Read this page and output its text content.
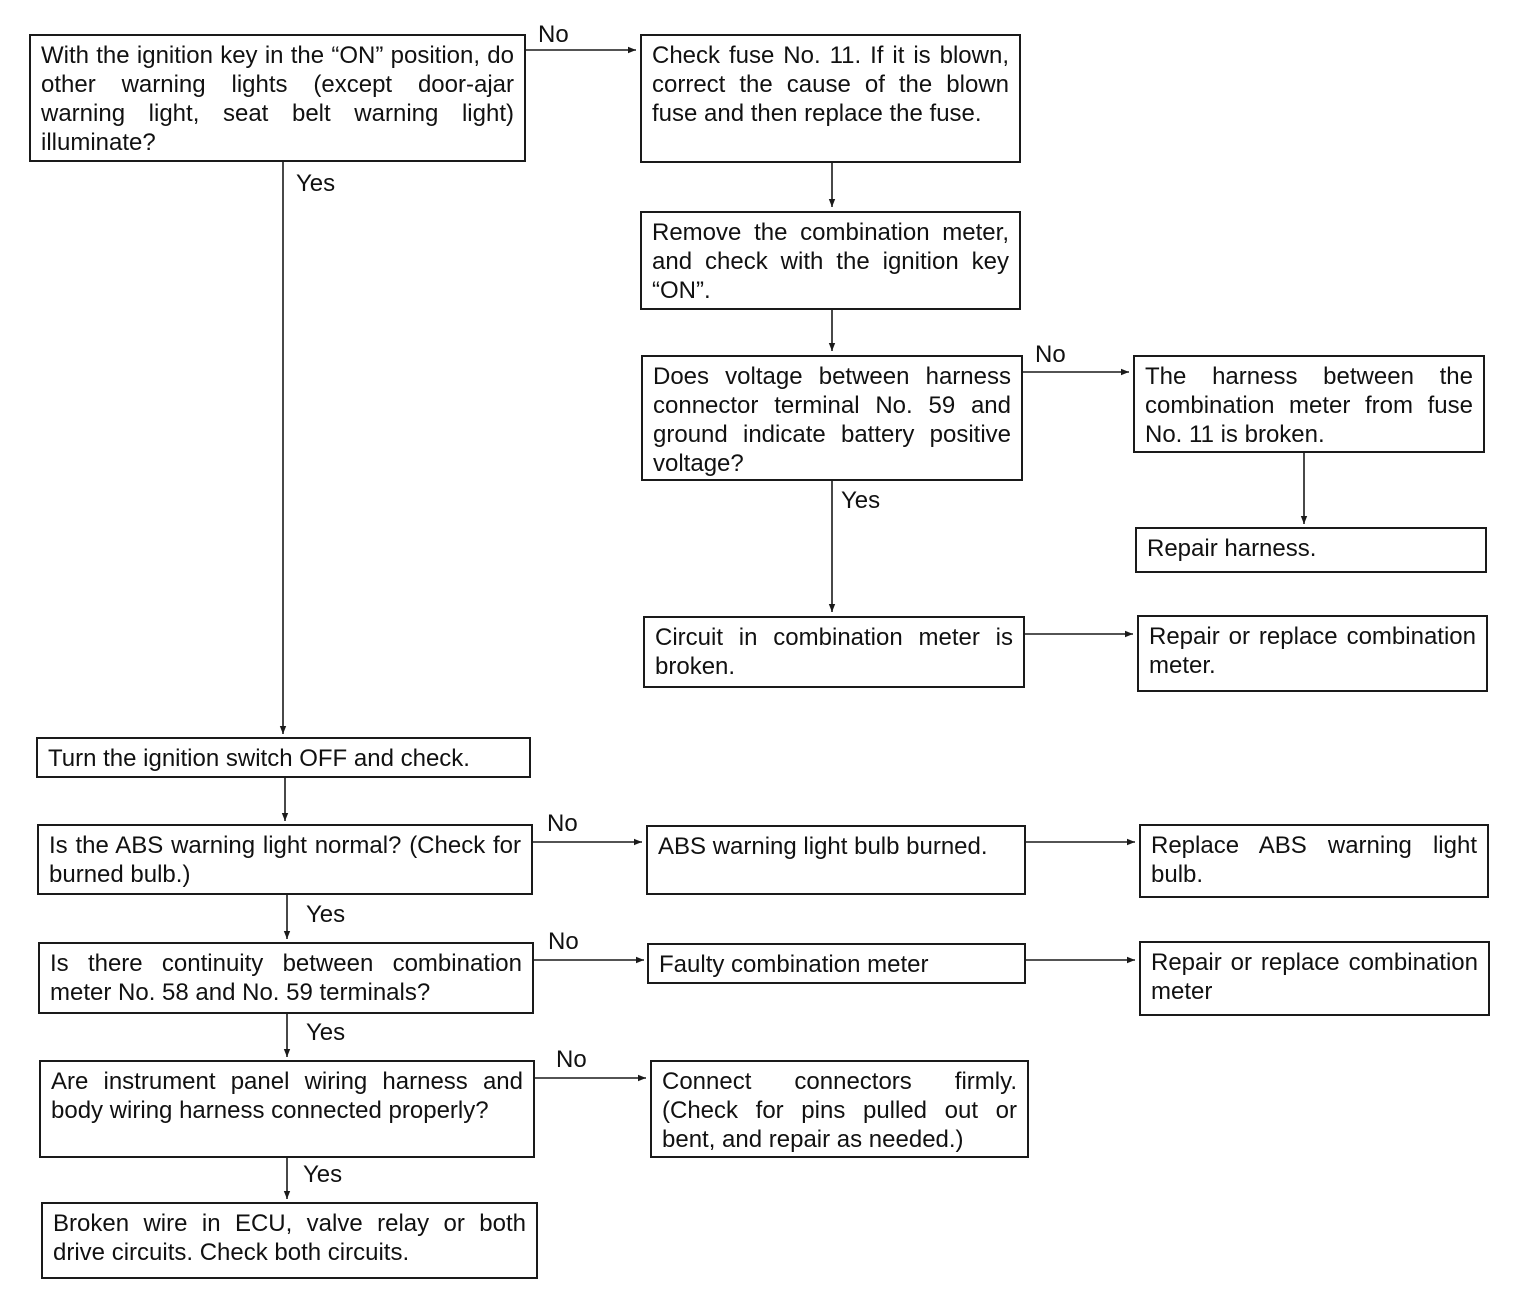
With the ignition key in the “ON” position, do other warning lights (except door-ajar warning light, seat belt warning light) illuminate?
Check fuse No. 11. If it is blown, correct the cause of the blown fuse and then replace the fuse.
Remove the combination meter, and check with the ignition key “ON”.
Does voltage between harness connector terminal No. 59 and ground indicate battery positive voltage?
The harness between the combination meter from fuse No. 11 is broken.
Repair harness.
Circuit in combination meter is broken.
Repair or replace combination meter.
Turn the ignition switch OFF and check.
Is the ABS warning light normal? (Check for burned bulb.)
ABS warning light bulb burned.	Replace ABS warning light bulb.
Is there continuity between combination meter No. 58 and No. 59 terminals?
Faulty combination meter	Repair or replace combination meter
Are instrument panel wiring harness and body wiring harness connected properly?
Connect connectors firmly. (Check for pins pulled out or bent, and repair as needed.)
Broken wire in ECU, valve relay or both drive circuits. Check both circuits.
No
Yes
No
Yes
No
Yes
No
Yes
No
Yes
